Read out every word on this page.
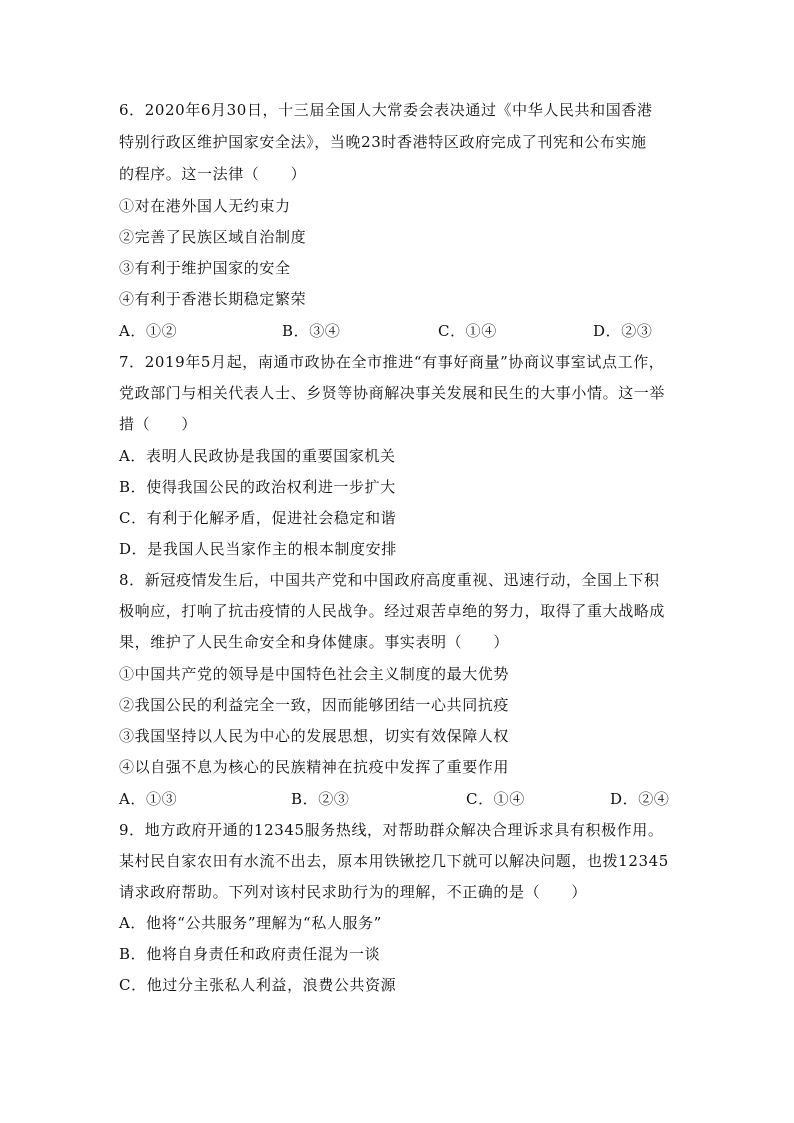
6．2020年6月30日，十三届全国人大常委会表决通过《中华人民共和国香港
特别行政区维护国家安全法》，当晚23时香港特区政府完成了刊宪和公布实施
的程序。这一法律（　　）
①对在港外国人无约束力
②完善了民族区域自治制度
③有利于维护国家的安全
④有利于香港长期稳定繁荣
A．①②	B．③④	C．①④	D．②③
7．2019年5月起，南通市政协在全市推进“有事好商量”协商议事室试点工作，
党政部门与相关代表人士、乡贤等协商解决事关发展和民生的大事小情。这一举
措（　　）
A．表明人民政协是我国的重要国家机关
B．使得我国公民的政治权利进一步扩大
C．有利于化解矛盾，促进社会稳定和谐
D．是我国人民当家作主的根本制度安排
8．新冠疫情发生后，中国共产党和中国政府高度重视、迅速行动，全国上下积
极响应，打响了抗击疫情的人民战争。经过艰苦卓绝的努力，取得了重大战略成
果，维护了人民生命安全和身体健康。事实表明（　　）
①中国共产党的领导是中国特色社会主义制度的最大优势
②我国公民的利益完全一致，因而能够团结一心共同抗疫
③我国坚持以人民为中心的发展思想，切实有效保障人权
④以自强不息为核心的民族精神在抗疫中发挥了重要作用
A．①③	B．②③	C．①④	D．②④
9．地方政府开通的12345服务热线，对帮助群众解决合理诉求具有积极作用。
某村民自家农田有水流不出去，原本用铁锹挖几下就可以解决问题，也拨12345
请求政府帮助。下列对该村民求助行为的理解，不正确的是（　　）
A．他将“公共服务”理解为“私人服务”
B．他将自身责任和政府责任混为一谈
C．他过分主张私人利益，浪费公共资源
